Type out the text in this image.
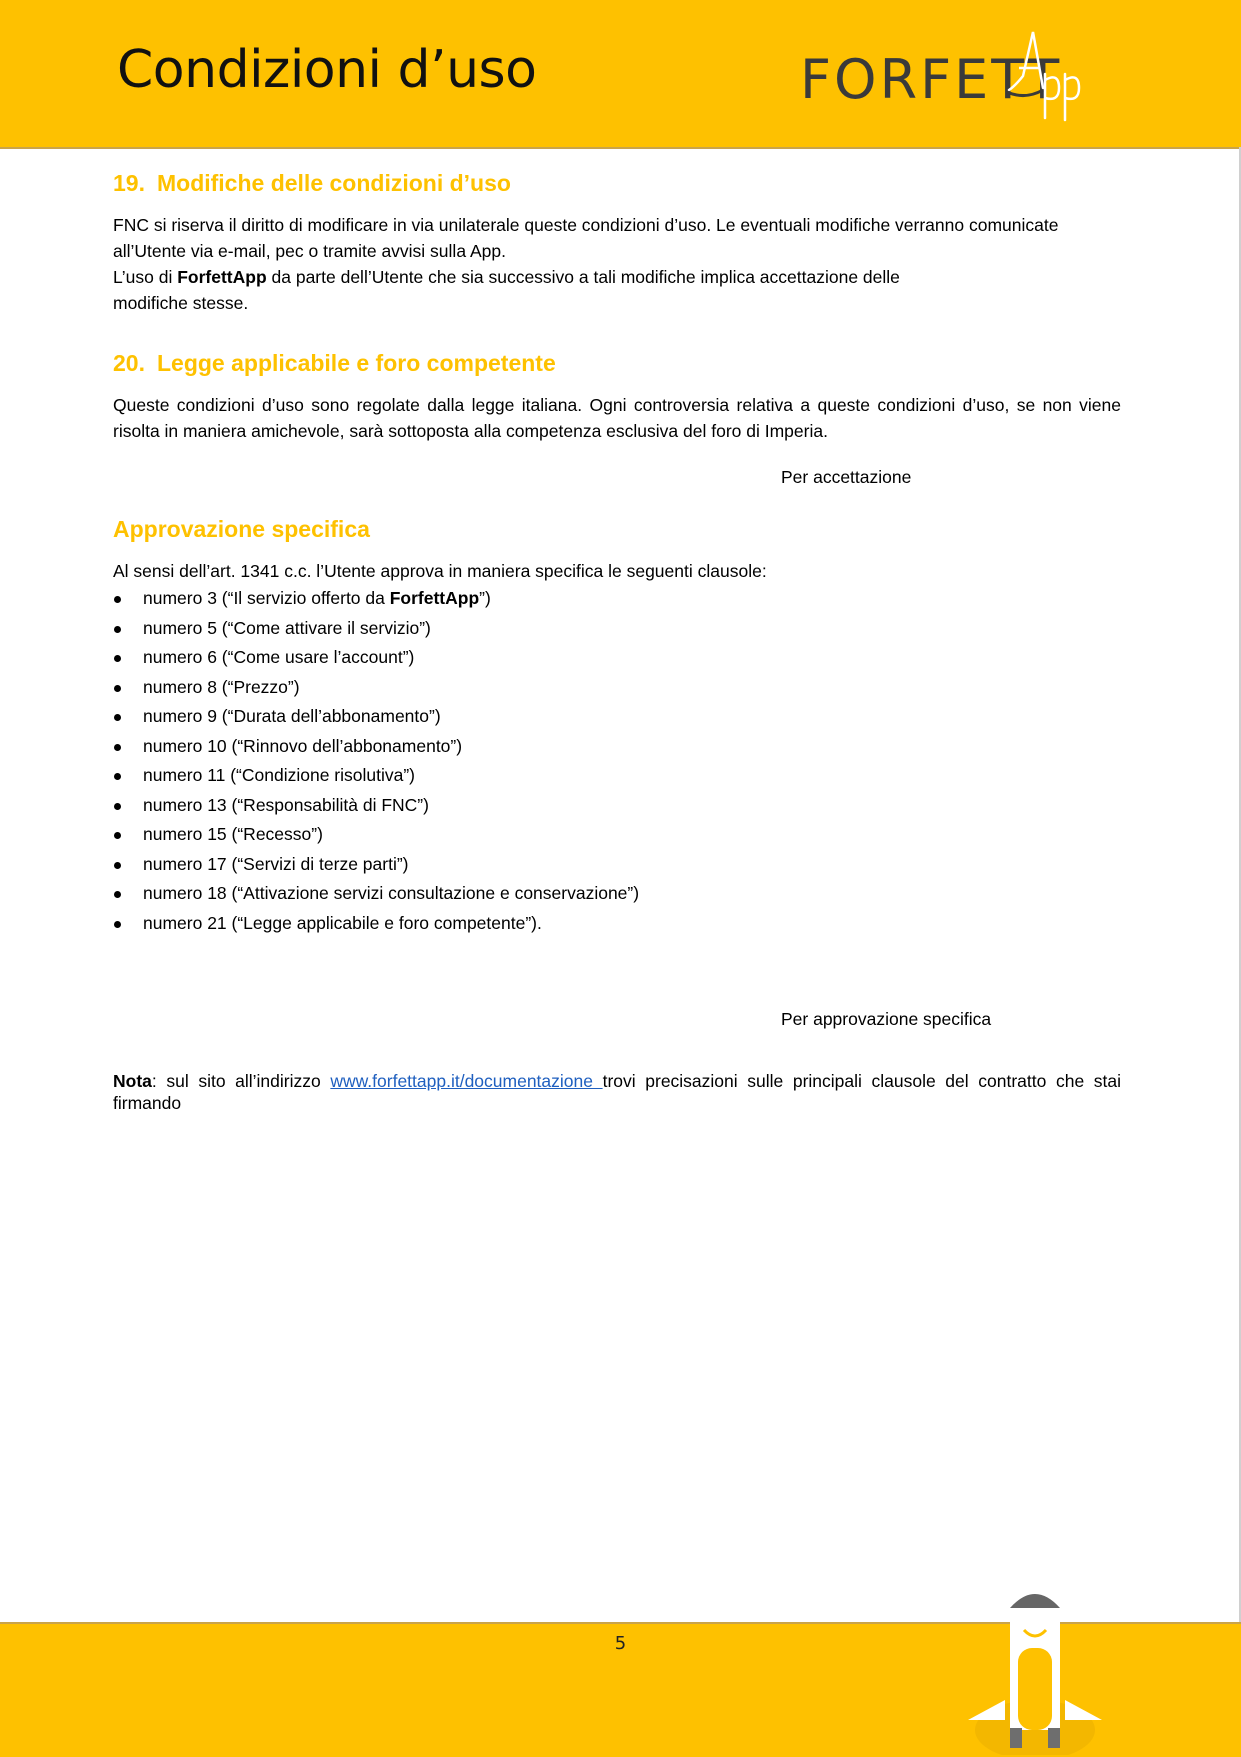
Condizioni d’uso	FORFETT
19. Modifiche delle condizioni d’uso

FNC si riserva il diritto di modificare in via unilaterale queste condizioni d’uso. Le eventuali modifiche verranno comunicate all’Utente via e-mail, pec o tramite avvisi sulla App.

L’uso di ForfettApp da parte dell’Utente che sia successivo a tali modifiche implica accettazione delle

modifiche stesse.

20. Legge applicabile e foro competente

Queste condizioni d’uso sono regolate dalla legge italiana. Ogni controversia relativa a queste condizioni d’uso, se non viene risolta in maniera amichevole, sarà sottoposta alla competenza esclusiva del foro di Imperia.

Per accettazione

Approvazione specifica

Al sensi dell’art. 1341 c.c. l’Utente approva in maniera specifica le seguenti clausole:

numero 3 (“Il servizio offerto da ForfettApp”)
numero 5 (“Come attivare il servizio”)
numero 6 (“Come usare l’account”)
numero 8 (“Prezzo”)
numero 9 (“Durata dell’abbonamento”)
numero 10 (“Rinnovo dell’abbonamento”)
numero 11 (“Condizione risolutiva”)
numero 13 (“Responsabilità di FNC”)
numero 15 (“Recesso”)
numero 17 (“Servizi di terze parti”)
numero 18 (“Attivazione servizi consultazione e conservazione”)
numero 21 (“Legge applicabile e foro competente”).

Per approvazione specifica

Nota: sul sito all’indirizzo www.forfettapp.it/documentazione trovi precisazioni sulle principali clausole del contratto che stai firmando

5
